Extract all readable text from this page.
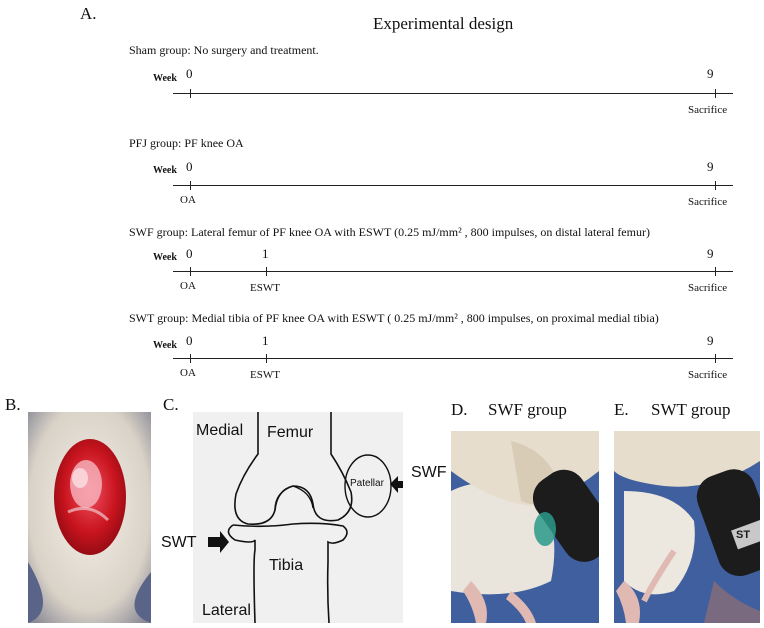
A.
Experimental design
Sham group: No surgery and treatment.
Week 0	9
Sacrifice
PFJ group: PF knee OA
Week 0	9
OA	Sacrifice
SWF group: Lateral femur of PF knee OA with ESWT (0.25 mJ/mm² , 800 impulses, on distal lateral femur)
Week 0	1	9
OA	ESWT	Sacrifice
SWT group: Medial tibia of PF knee OA with ESWT ( 0.25 mJ/mm² , 800 impulses, on proximal medial tibia)
Week 0	1	9
OA	ESWT	Sacrifice
B.	C.
Medial Femur
Patellar
Tibia
Lateral
SWF
SWT
D. SWF group	E. SWT group
ST
